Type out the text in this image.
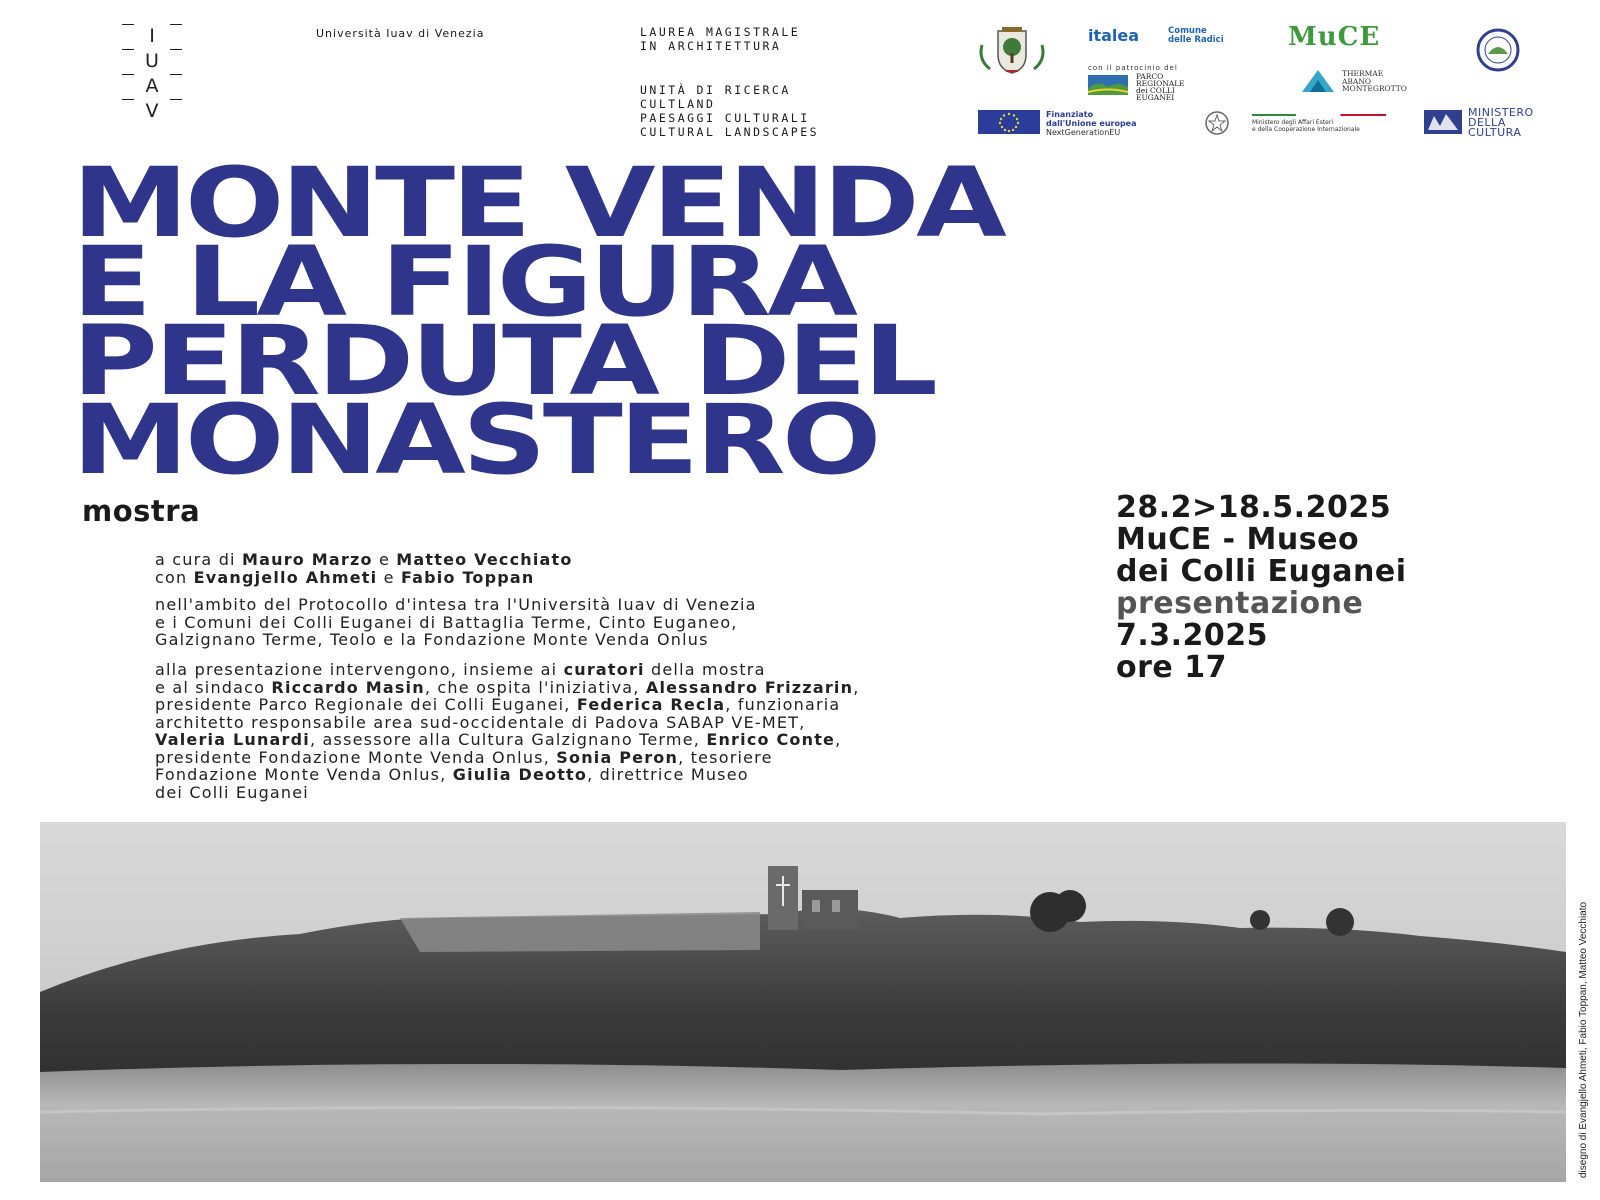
I
U
A
V
Università Iuav di Venezia	LAUREA MAGISTRALE
IN ARCHITETTURA
UNITÀ DI RICERCA
CULTLAND
PAESAGGI CULTURALI
CULTURAL LANDSCAPES
italea	Comune
delle Radici MuCE
con il patrocinio del
PARCO
REGIONALE
dei COLLI
EUGANEI
THERMAE
ABANO
MONTEGROTTO
Finanziato
dall'Unione europea
NextGenerationEU
Ministero degli Affari Esteri
e della Cooperazione Internazionale
MINISTERO
DELLA
CULTURA
MONTE VENDA
E LA FIGURA
PERDUTA DEL
MONASTERO
mostra
a cura di Mauro Marzo e Matteo Vecchiato
con Evangjello Ahmeti e Fabio Toppan
nell'ambito del Protocollo d'intesa tra l'Università Iuav di Venezia
e i Comuni dei Colli Euganei di Battaglia Terme, Cinto Euganeo,
Galzignano Terme, Teolo e la Fondazione Monte Venda Onlus
alla presentazione intervengono, insieme ai curatori della mostra
e al sindaco Riccardo Masin, che ospita l'iniziativa, Alessandro Frizzarin,
presidente Parco Regionale dei Colli Euganei, Federica Recla, funzionaria
architetto responsabile area sud-occidentale di Padova SABAP VE-MET,
Valeria Lunardi, assessore alla Cultura Galzignano Terme, Enrico Conte,
presidente Fondazione Monte Venda Onlus, Sonia Peron, tesoriere
Fondazione Monte Venda Onlus, Giulia Deotto, direttrice Museo
dei Colli Euganei
28.2>18.5.2025
MuCE - Museo
dei Colli Euganei
presentazione
7.3.2025
ore 17
disegno di Evangjello Ahmeti, Fabio Toppan, Matteo Vecchiato
